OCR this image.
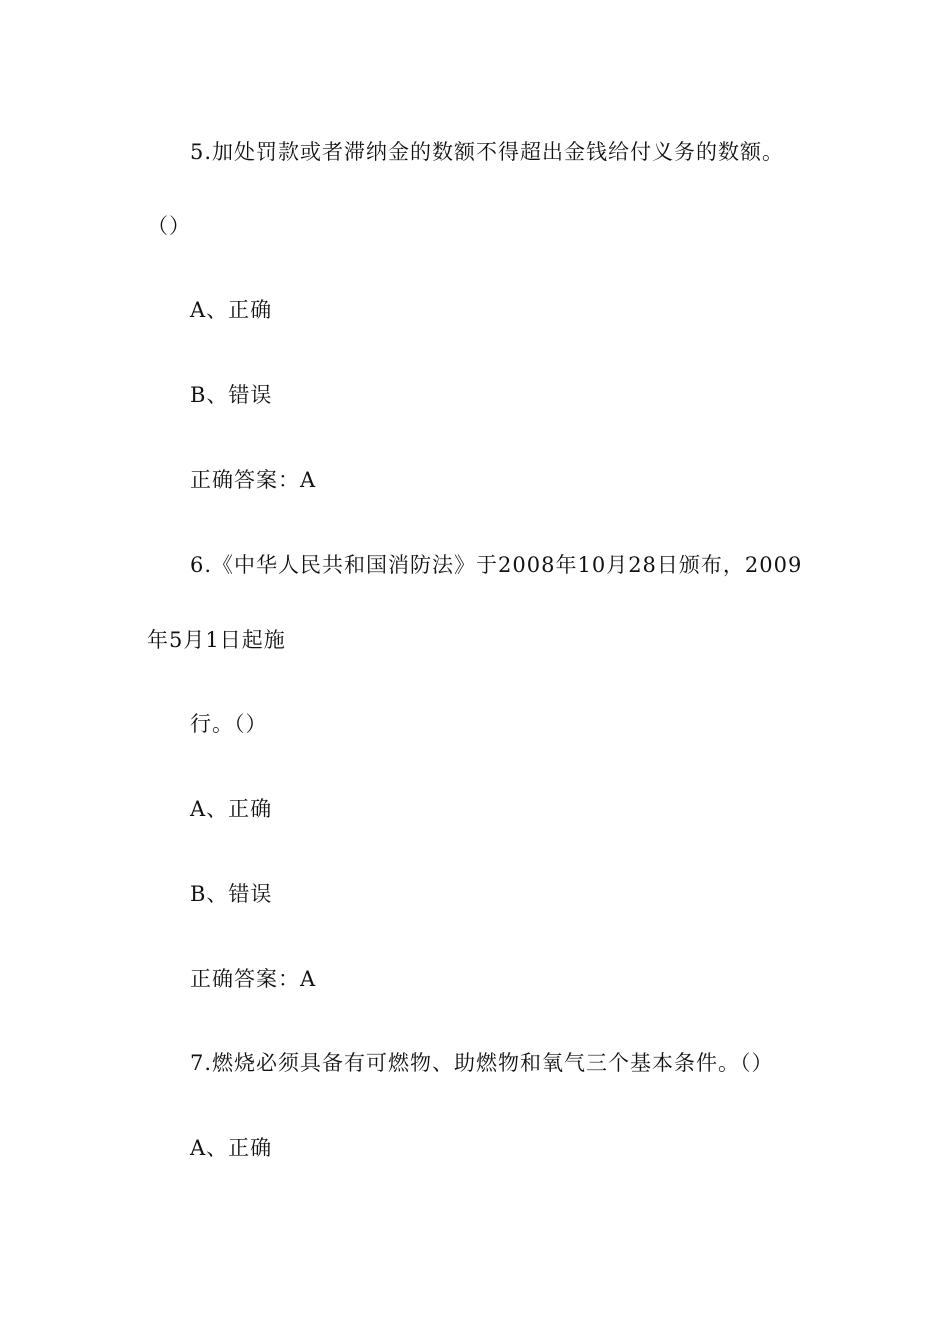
5.加处罚款或者滞纳金的数额不得超出金钱给付义务的数额。
（）
A、正确
B、错误
正确答案：A
6.《中华人民共和国消防法》于2008年10月28日颁布，2009
年5月1日起施
行。（）
A、正确
B、错误
正确答案：A
7.燃烧必须具备有可燃物、助燃物和氧气三个基本条件。（）
A、正确
